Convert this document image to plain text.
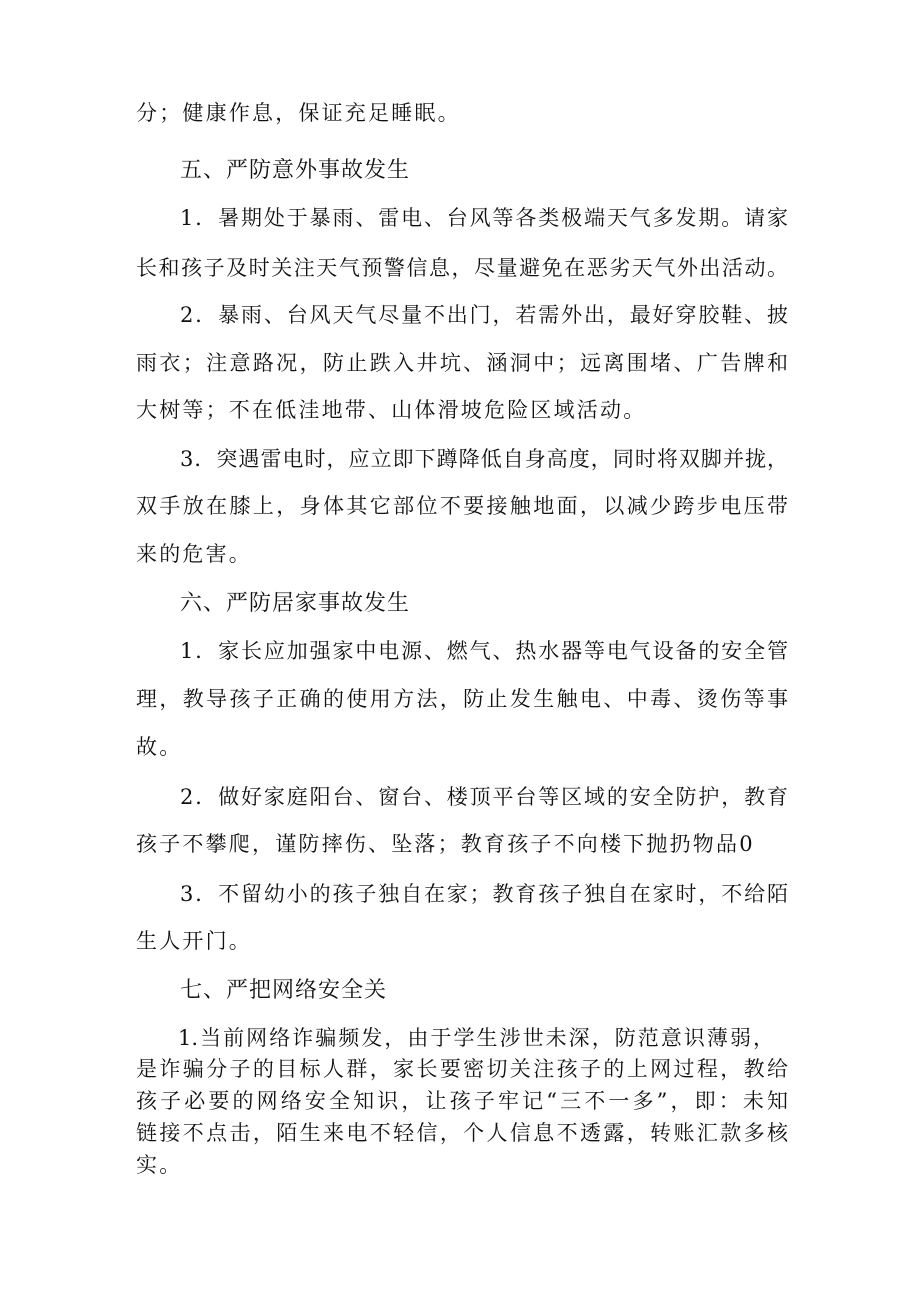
分；健康作息，保证充足睡眠。
五、严防意外事故发生
1．暑期处于暴雨、雷电、台风等各类极端天气多发期。请家
长和孩子及时关注天气预警信息，尽量避免在恶劣天气外出活动。
2．暴雨、台风天气尽量不出门，若需外出，最好穿胶鞋、披
雨衣；注意路况，防止跌入井坑、涵洞中；远离围堵、广告牌和
大树等；不在低洼地带、山体滑坡危险区域活动。
3．突遇雷电时，应立即下蹲降低自身高度，同时将双脚并拢，
双手放在膝上，身体其它部位不要接触地面，以减少跨步电压带
来的危害。
六、严防居家事故发生
1．家长应加强家中电源、燃气、热水器等电气设备的安全管
理，教导孩子正确的使用方法，防止发生触电、中毒、烫伤等事
故。
2．做好家庭阳台、窗台、楼顶平台等区域的安全防护，教育
孩子不攀爬，谨防摔伤、坠落；教育孩子不向楼下抛扔物品0
3．不留幼小的孩子独自在家；教育孩子独自在家时，不给陌
生人开门。
七、严把网络安全关
1.当前网络诈骗频发，由于学生涉世未深，防范意识薄弱，
是诈骗分子的目标人群，家长要密切关注孩子的上网过程，教给
孩子必要的网络安全知识，让孩子牢记“三不一多”，即：未知
链接不点击，陌生来电不轻信，个人信息不透露，转账汇款多核
实。
